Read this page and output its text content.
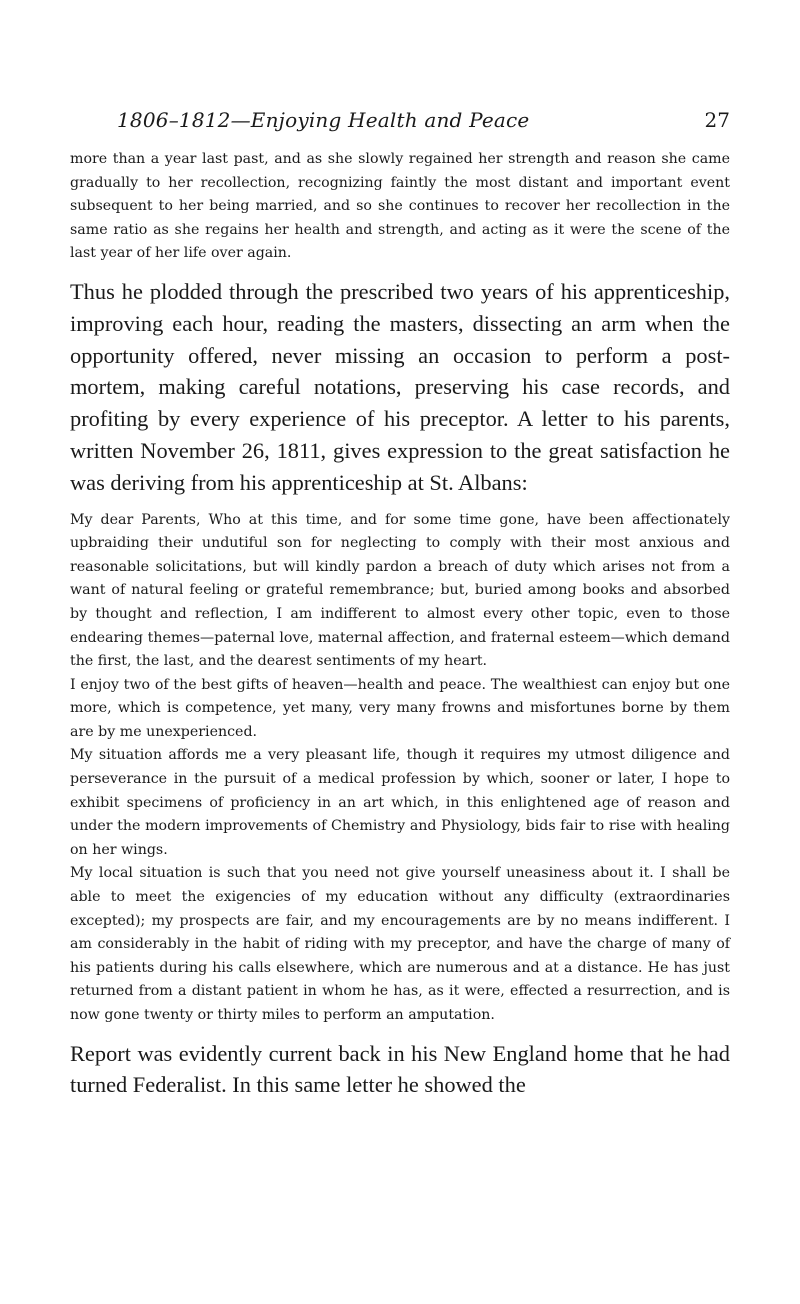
1806–1812—Enjoying Health and Peace	27

more than a year last past, and as she slowly regained her strength and reason she came gradually to her recollection, recognizing faintly the most distant and important event subsequent to her being married, and so she continues to recover her recollection in the same ratio as she regains her health and strength, and acting as it were the scene of the last year of her life over again.

Thus he plodded through the prescribed two years of his apprenticeship, improving each hour, reading the masters, dissecting an arm when the opportunity offered, never missing an occasion to perform a post-mortem, making careful notations, preserving his case records, and profiting by every experience of his preceptor. A letter to his parents, written November 26, 1811, gives expression to the great satisfaction he was deriving from his apprenticeship at St. Albans:

My dear Parents, Who at this time, and for some time gone, have been affectionately upbraiding their undutiful son for neglecting to comply with their most anxious and reasonable solicitations, but will kindly pardon a breach of duty which arises not from a want of natural feeling or grateful remembrance; but, buried among books and absorbed by thought and reflection, I am indifferent to almost every other topic, even to those endearing themes—paternal love, maternal affection, and fraternal esteem—which demand the first, the last, and the dearest sentiments of my heart.

I enjoy two of the best gifts of heaven—health and peace. The wealthiest can enjoy but one more, which is competence, yet many, very many frowns and misfortunes borne by them are by me unexperienced.

My situation affords me a very pleasant life, though it requires my utmost diligence and perseverance in the pursuit of a medical profession by which, sooner or later, I hope to exhibit specimens of proficiency in an art which, in this enlightened age of reason and under the modern improvements of Chemistry and Physiology, bids fair to rise with healing on her wings.

My local situation is such that you need not give yourself uneasiness about it. I shall be able to meet the exigencies of my education without any difficulty (extraordinaries excepted); my prospects are fair, and my encouragements are by no means indifferent. I am considerably in the habit of riding with my preceptor, and have the charge of many of his patients during his calls elsewhere, which are numerous and at a distance. He has just returned from a distant patient in whom he has, as it were, effected a resurrection, and is now gone twenty or thirty miles to perform an amputation.

Report was evidently current back in his New England home that he had turned Federalist. In this same letter he showed the
